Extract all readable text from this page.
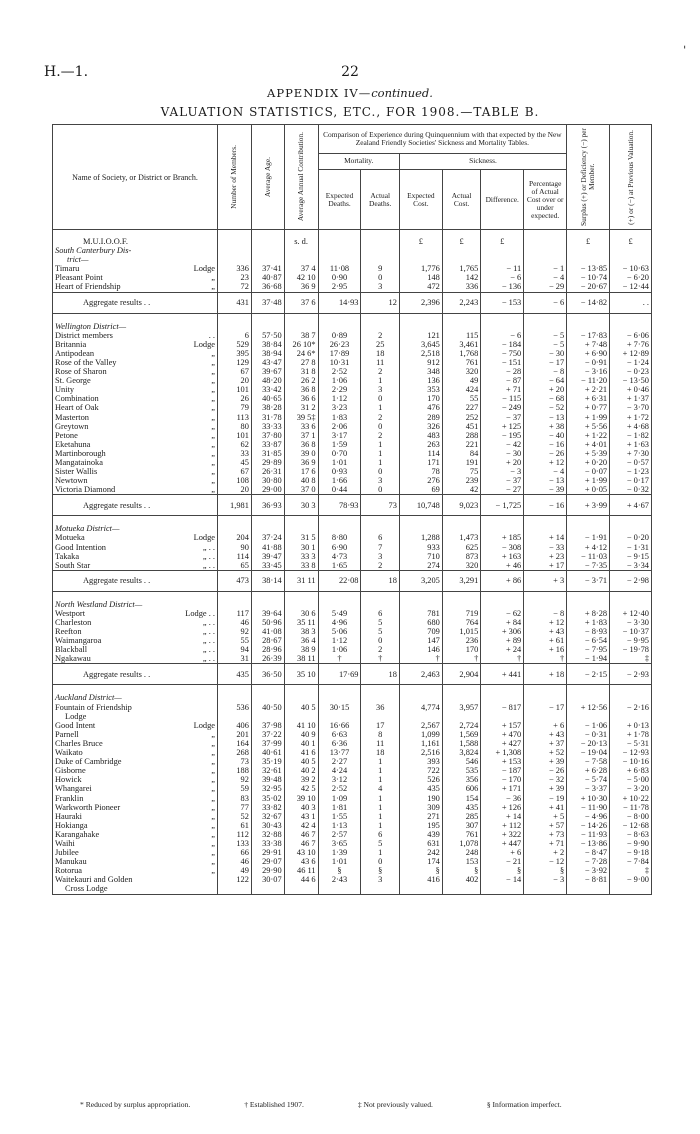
H.—1.	22
ˈ
APPENDIX IV—continued.
VALUATION STATISTICS, ETC., FOR 1908.—TABLE B.
Name of Society, or District or Branch.	Number of Members.	Average Age.	Average Annual Contribution.	Comparison of Experience during Quinquennium with that expected by the New Zealand Friendly Societies' Sickness and Mortality Tables.						Surplus (+) or Deficiency (−) per Member.	(+) or (−) at Previous Valuation.

				Mortality.		Sickness.					
				Expected Deaths.	Actual Deaths.	Expected Cost.	Actual Cost.	Difference.	Percentage of Actual Cost over or under expected.		

M.U.I.O.O.F.			s. d.			£	£	£		£	£
South Canterbury Dis-											
trict—											
Timaru Lodge	336	37·41	37 4	11·08	9	1,776	1,765	− 11	− 1	− 13·85	− 10·63
Pleasant Point „	23	40·87	42 10	0·90	0	148	142	− 6	− 4	− 10·74	− 6·20
Heart of Friendship „	72	36·68	36 9	2·95	3	472	336	− 136	− 29	− 20·67	− 12·44
Aggregate results . .	431	37·48	37 6	14·93	12	2,396	2,243	− 153	− 6	− 14·82	. .

Wellington District—											
District members . .	6	57·50	38 7	0·89	2	121	115	− 6	− 5	− 17·83	− 6·06
Britannia Lodge	529	38·84	26 10*	26·23	25	3,645	3,461	− 184	− 5	+ 7·48	+ 7·76
Antipodean „	395	38·94	24 6*	17·89	18	2,518	1,768	− 750	− 30	+ 6·90	+ 12·89
Rose of the Valley „	129	43·47	27 8	10·31	11	912	761	− 151	− 17	− 0·91	− 1·24
Rose of Sharon „	67	39·67	31 8	2·52	2	348	320	− 28	− 8	− 3·16	− 0·23
St. George „	20	48·20	26 2	1·06	1	136	49	− 87	− 64	− 11·20	− 13·50
Unity „	101	33·42	36 8	2·29	3	353	424	+ 71	+ 20	+ 2·21	+ 0·46
Combination „	26	40·65	36 6	1·12	0	170	55	− 115	− 68	+ 6·31	+ 1·37
Heart of Oak „	79	38·28	31 2	3·23	1	476	227	− 249	− 52	+ 0·77	− 3·70
Masterton „	113	31·78	39 5‡	1·83	2	289	252	− 37	− 13	+ 1·99	+ 1·72
Greytown „	80	33·33	33 6	2·06	0	326	451	+ 125	+ 38	+ 5·56	+ 4·68
Petone „	101	37·80	37 1	3·17	2	483	288	− 195	− 40	+ 1·22	− 1·82
Eketahuna „	62	33·87	36 8	1·59	1	263	221	− 42	− 16	+ 4·01	+ 1·63
Martinborough „	33	31·85	39 0	0·70	1	114	84	− 30	− 26	+ 5·39	+ 7·30
Mangatainoka „	45	29·89	36 9	1·01	1	171	191	+ 20	+ 12	+ 0·20	− 0·57
Sister Wallis „	67	26·31	17 6	0·93	0	78	75	− 3	− 4	− 0·07	− 1·23
Newtown „	108	30·80	40 8	1·66	3	276	239	− 37	− 13	+ 1·99	− 0·17
Victoria Diamond „	20	29·00	37 0	0·44	0	69	42	− 27	− 39	+ 0·05	− 0·32
Aggregate results . .	1,981	36·93	30 3	78·93	73	10,748	9,023	− 1,725	− 16	+ 3·99	+ 4·67

Motueka District—											
Motueka Lodge	204	37·24	31 5	8·80	6	1,288	1,473	+ 185	+ 14	− 1·91	− 0·20
Good Intention „ . .	90	41·88	30 1	6·90	7	933	625	− 308	− 33	+ 4·12	− 1·31
Takaka „ . .	114	39·47	33 3	4·73	3	710	873	+ 163	+ 23	− 11·03	− 9·15
South Star „ . .	65	33·45	33 8	1·65	2	274	320	+ 46	+ 17	− 7·35	− 3·34
Aggregate results . .	473	38·14	31 11	22·08	18	3,205	3,291	+ 86	+ 3	− 3·71	− 2·98

North Westland District—											
Westport Lodge . .	117	39·64	30 6	5·49	6	781	719	− 62	− 8	+ 8·28	+ 12·40
Charleston „ . .	46	50·96	35 11	4·96	5	680	764	+ 84	+ 12	+ 1·83	− 3·30
Reefton „ . .	92	41·08	38 3	5·06	5	709	1,015	+ 306	+ 43	− 8·93	− 10·37
Waimangaroa „ . .	55	28·67	36 4	1·12	0	147	236	+ 89	+ 61	− 6·54	− 9·95
Blackball „ . .	94	28·96	38 9	1·06	2	146	170	+ 24	+ 16	− 7·95	− 19·78
Ngakawau „ . .	31	26·39	38 11	†	†	†	†	†	†	− 1·94	‡
Aggregate results . .	435	36·50	35 10	17·69	18	2,463	2,904	+ 441	+ 18	− 2·15	− 2·93

Auckland District—											
Fountain of Friendship	536	40·50	40 5	30·15	36	4,774	3,957	− 817	− 17	+ 12·56	− 2·16
Lodge											
Good Intent Lodge	406	37·98	41 10	16·66	17	2,567	2,724	+ 157	+ 6	− 1·06	+ 0·13
Parnell „	201	37·22	40 9	6·63	8	1,099	1,569	+ 470	+ 43	− 0·31	+ 1·78
Charles Bruce „	164	37·99	40 1	6·36	11	1,161	1,588	+ 427	+ 37	− 20·13	− 5·31
Waikato „	268	40·61	41 6	13·77	18	2,516	3,824	+ 1,308	+ 52	− 19·04	− 12·93
Duke of Cambridge „	73	35·19	40 5	2·27	1	393	546	+ 153	+ 39	− 7·58	− 10·16
Gisborne „	188	32·61	40 2	4·24	1	722	535	− 187	− 26	+ 6·28	+ 6·83
Howick „	92	39·48	39 2	3·12	1	526	356	− 170	− 32	− 5·74	− 5·00
Whangarei „	59	32·95	42 5	2·52	4	435	606	+ 171	+ 39	− 3·37	− 3·20
Franklin „	83	35·02	39 10	1·09	1	190	154	− 36	− 19	+ 10·30	+ 10·22
Warkworth Pioneer „	77	33·82	40 3	1·81	1	309	435	+ 126	+ 41	− 11·90	− 11·78
Hauraki „	52	32·67	43 1	1·55	1	271	285	+ 14	+ 5	− 4·96	− 8·00
Hokianga „	61	30·43	42 4	1·13	1	195	307	+ 112	+ 57	− 14·26	− 12·68
Karangahake „	112	32·88	46 7	2·57	6	439	761	+ 322	+ 73	− 11·93	− 8·63
Waihi „	133	33·38	46 7	3·65	5	631	1,078	+ 447	+ 71	− 13·86	− 9·90
Jubilee „	66	29·91	43 10	1·39	1	242	248	+ 6	+ 2	− 8·47	− 9·18
Manukau „	46	29·07	43 6	1·01	0	174	153	− 21	− 12	− 7·28	− 7·84
Rotorua „	49	29·90	46 11	§	§	§	§	§	§	− 3·92	‡
Waitekauri and Golden	122	30·07	44 6	2·43	3	416	402	− 14	− 3	− 8·81	− 9·00
Cross Lodge											
* Reduced by surplus appropriation.	† Established 1907.	‡ Not previously valued.	§ Information imperfect.
